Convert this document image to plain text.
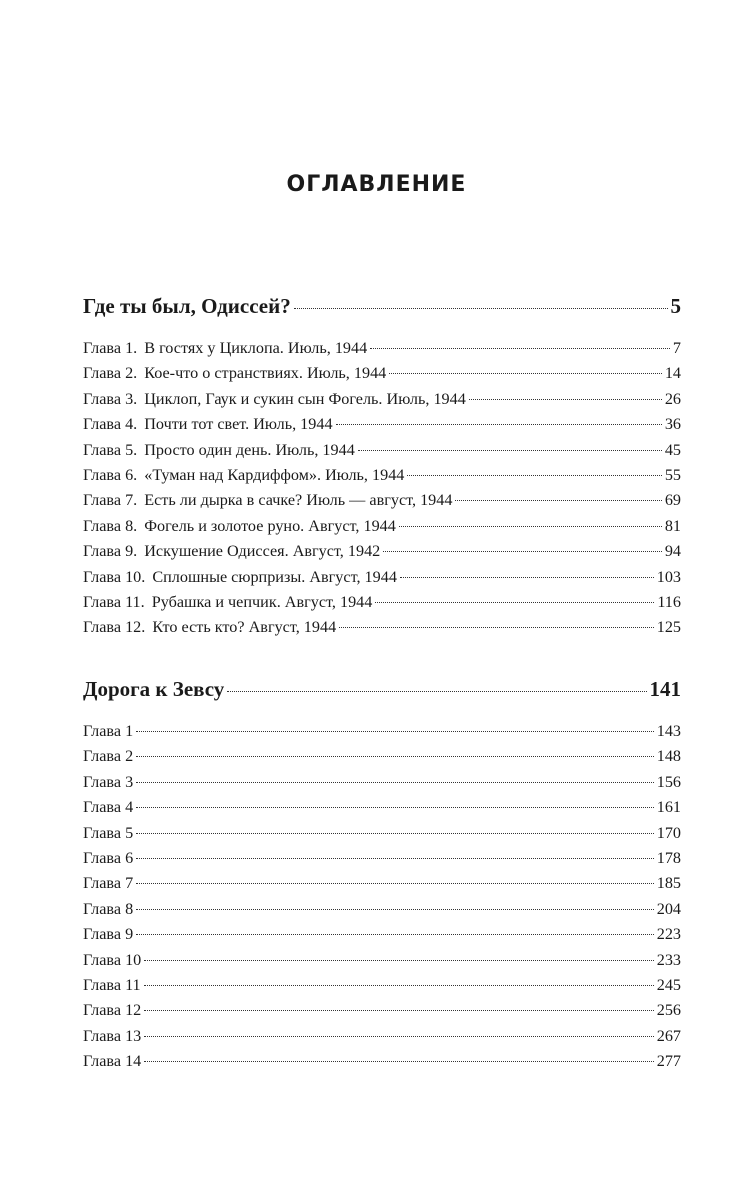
ОГЛАВЛЕНИЕ
Где ты был, Одиссей?	5
Глава 1. В гостях у Циклопа. Июль, 1944	7
Глава 2. Кое-что о странствиях. Июль, 1944	14
Глава 3. Циклоп, Гаук и сукин сын Фогель. Июль, 1944	26
Глава 4. Почти тот свет. Июль, 1944	36
Глава 5. Просто один день. Июль, 1944	45
Глава 6. «Туман над Кардиффом». Июль, 1944	55
Глава 7. Есть ли дырка в сачке? Июль — август, 1944	69
Глава 8. Фогель и золотое руно. Август, 1944	81
Глава 9. Искушение Одиссея. Август, 1942	94
Глава 10. Сплошные сюрпризы. Август, 1944	103
Глава 11. Рубашка и чепчик. Август, 1944	116
Глава 12. Кто есть кто? Август, 1944	125
Дорога к Зевсу	141
Глава 1	143
Глава 2	148
Глава 3	156
Глава 4	161
Глава 5	170
Глава 6	178
Глава 7	185
Глава 8	204
Глава 9	223
Глава 10	233
Глава 11	245
Глава 12	256
Глава 13	267
Глава 14	277
